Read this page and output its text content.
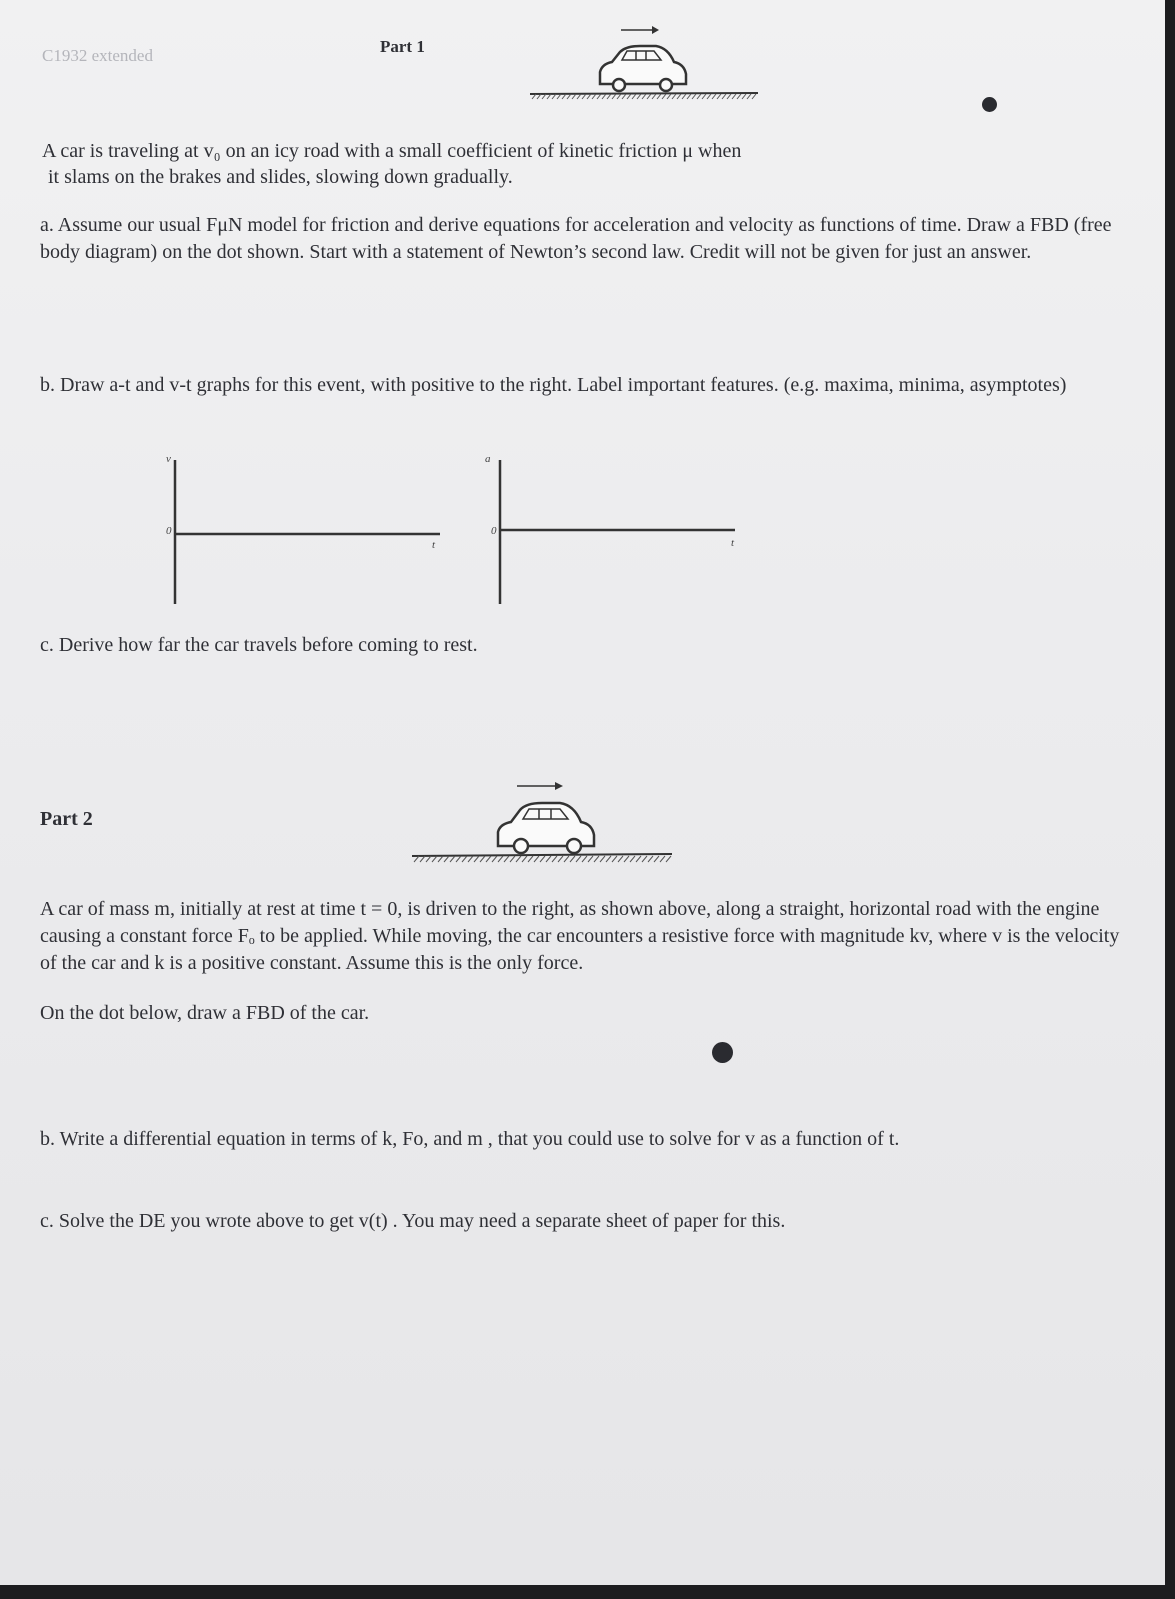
C1932 extended	Part 1

A car is traveling at v₀ on an icy road with a small coefficient of kinetic friction μ when

it slams on the brakes and slides, slowing down gradually.

a. Assume our usual FμN model for friction and derive equations for acceleration and velocity as functions of time. Draw a FBD (free body diagram) on the dot shown. Start with a statement of Newton’s second law. Credit will not be given for just an answer.

b. Draw a-t and v-t graphs for this event, with positive to the right. Label important features. (e.g. maxima, minima, asymptotes)

v
0
t
a
0
t

c. Derive how far the car travels before coming to rest.

Part 2

A car of mass m, initially at rest at time t = 0, is driven to the right, as shown above, along a straight, horizontal road with the engine causing a constant force Fₒ to be applied. While moving, the car encounters a resistive force with magnitude kv, where v is the velocity of the car and k is a positive constant. Assume this is the only force.

On the dot below, draw a FBD of the car.

b. Write a differential equation in terms of k, Fo, and m , that you could use to solve for v as a function of t.

c. Solve the DE you wrote above to get v(t) . You may need a separate sheet of paper for this.
